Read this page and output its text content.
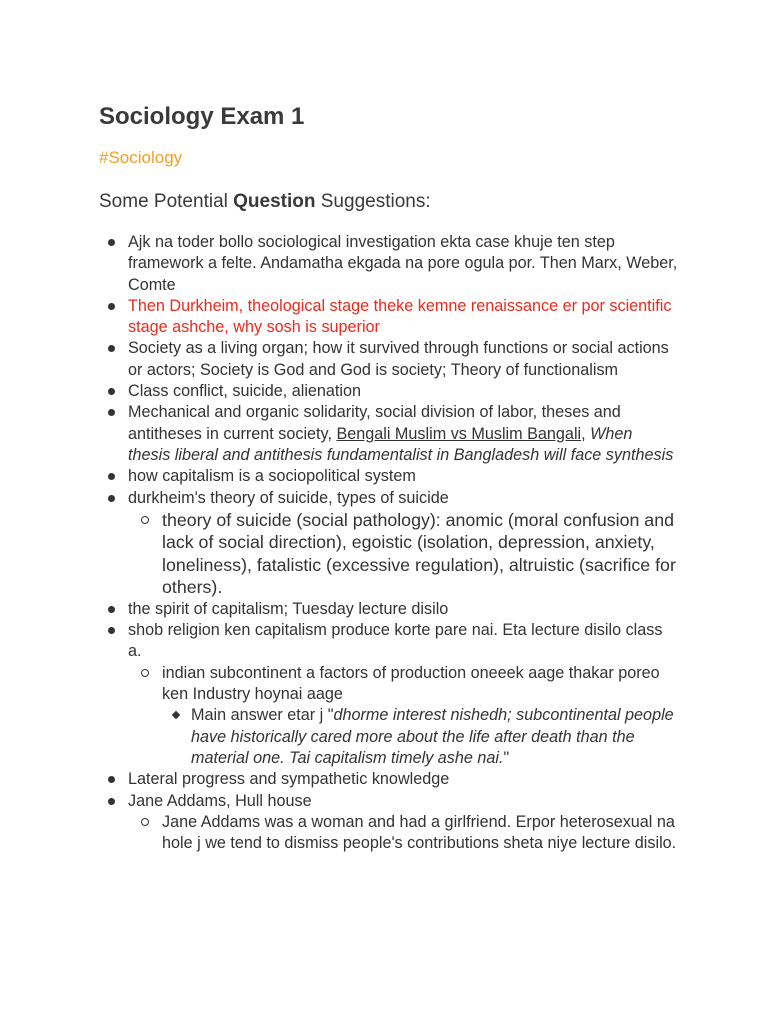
Sociology Exam 1
#Sociology
Some Potential Question Suggestions:
Ajk na toder bollo sociological investigation ekta case khuje ten step framework a felte. Andamatha ekgada na pore ogula por. Then Marx, Weber, Comte
Then Durkheim, theological stage theke kemne renaissance er por scientific stage ashche, why sosh is superior
Society as a living organ; how it survived through functions or social actions or actors; Society is God and God is society; Theory of functionalism
Class conflict, suicide, alienation
Mechanical and organic solidarity, social division of labor, theses and antitheses in current society, Bengali Muslim vs Muslim Bangali, When thesis liberal and antithesis fundamentalist in Bangladesh will face synthesis
how capitalism is a sociopolitical system
durkheim's theory of suicide, types of suicide
theory of suicide (social pathology): anomic (moral confusion and lack of social direction), egoistic (isolation, depression, anxiety, loneliness), fatalistic (excessive regulation), altruistic (sacrifice for others).
the spirit of capitalism; Tuesday lecture disilo
shob religion ken capitalism produce korte pare nai. Eta lecture disilo class a.
indian subcontinent a factors of production oneeek aage thakar poreo ken Industry hoynai aage
Main answer etar j "dhorme interest nishedh; subcontinental people have historically cared more about the life after death than the material one. Tai capitalism timely ashe nai."
Lateral progress and sympathetic knowledge
Jane Addams, Hull house
Jane Addams was a woman and had a girlfriend. Erpor heterosexual na hole j we tend to dismiss people's contributions sheta niye lecture disilo.
